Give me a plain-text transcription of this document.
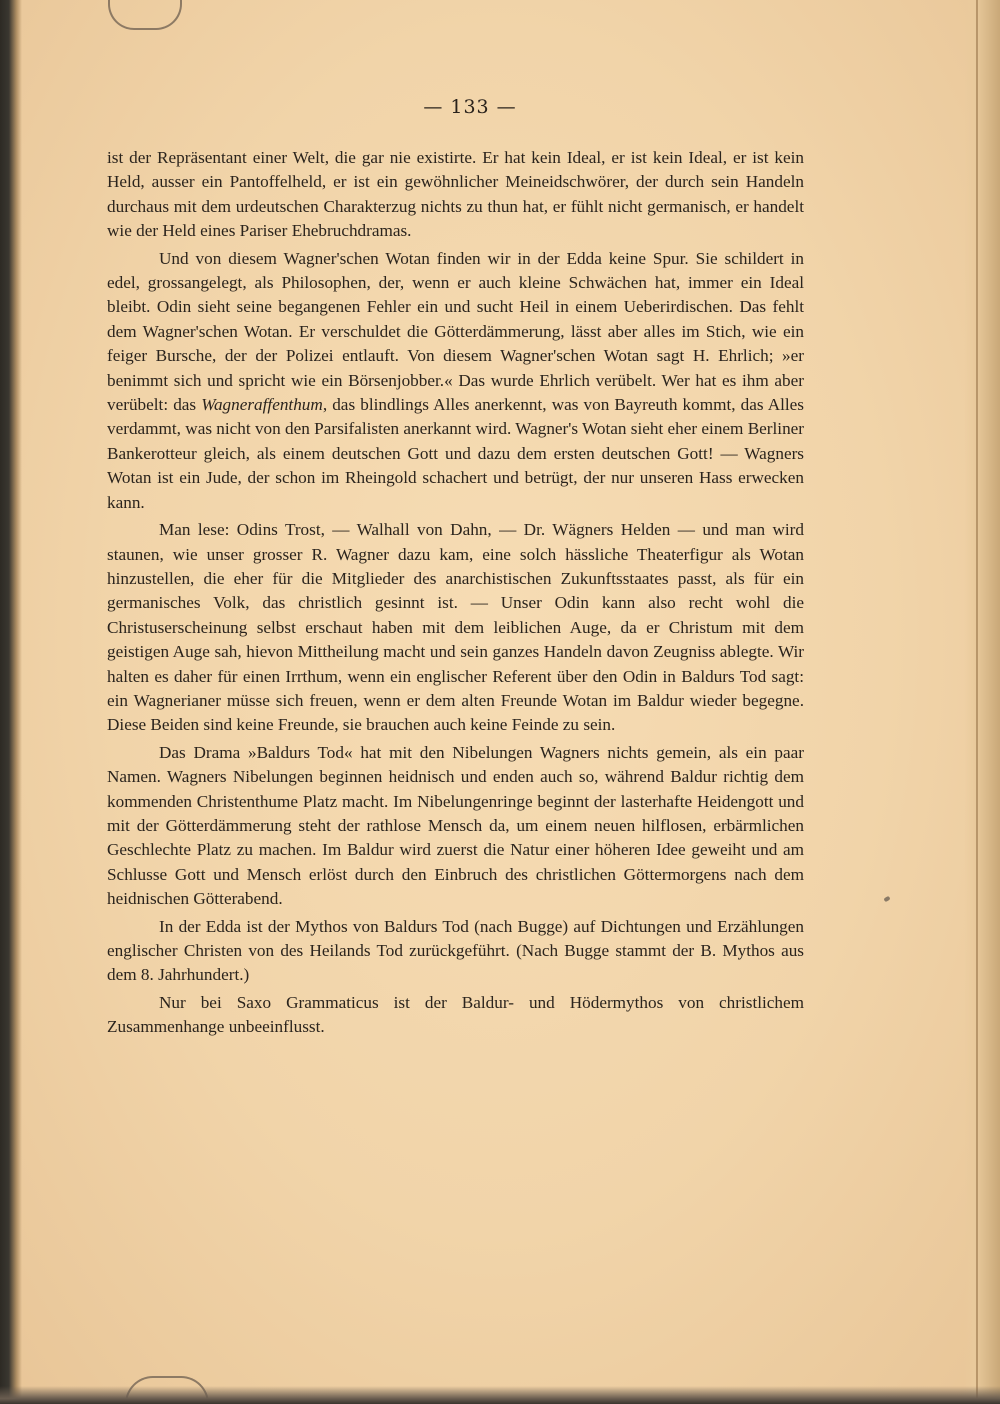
— 133 —

ist der Repräsentant einer Welt, die gar nie existirte. Er hat kein Ideal, er ist kein Ideal, er ist kein Held, ausser ein Pantoffelheld, er ist ein gewöhnlicher Meineidschwörer, der durch sein Handeln durchaus mit dem urdeutschen Charakterzug nichts zu thun hat, er fühlt nicht germanisch, er handelt wie der Held eines Pariser Ehebruchdramas.

Und von diesem Wagner'schen Wotan finden wir in der Edda keine Spur. Sie schildert in edel, grossangelegt, als Philosophen, der, wenn er auch kleine Schwächen hat, immer ein Ideal bleibt. Odin sieht seine begangenen Fehler ein und sucht Heil in einem Ueberirdischen. Das fehlt dem Wagner'schen Wotan. Er verschuldet die Götterdämmerung, lässt aber alles im Stich, wie ein feiger Bursche, der der Polizei entlauft. Von diesem Wagner'schen Wotan sagt H. Ehrlich; »er benimmt sich und spricht wie ein Börsenjobber.« Das wurde Ehrlich verübelt. Wer hat es ihm aber verübelt: das Wagneraffenthum, das blindlings Alles anerkennt, was von Bayreuth kommt, das Alles verdammt, was nicht von den Parsifalisten anerkannt wird. Wagner's Wotan sieht eher einem Berliner Bankerotteur gleich, als einem deutschen Gott und dazu dem ersten deutschen Gott! — Wagners Wotan ist ein Jude, der schon im Rheingold schachert und betrügt, der nur unseren Hass erwecken kann.

Man lese: Odins Trost, — Walhall von Dahn, — Dr. Wägners Helden — und man wird staunen, wie unser grosser R. Wagner dazu kam, eine solch hässliche Theaterfigur als Wotan hinzustellen, die eher für die Mitglieder des anarchistischen Zukunftsstaates passt, als für ein germanisches Volk, das christlich gesinnt ist. — Unser Odin kann also recht wohl die Christuserscheinung selbst erschaut haben mit dem leiblichen Auge, da er Christum mit dem geistigen Auge sah, hievon Mittheilung macht und sein ganzes Handeln davon Zeugniss ablegte. Wir halten es daher für einen Irrthum, wenn ein englischer Referent über den Odin in Baldurs Tod sagt: ein Wagnerianer müsse sich freuen, wenn er dem alten Freunde Wotan im Baldur wieder begegne. Diese Beiden sind keine Freunde, sie brauchen auch keine Feinde zu sein.

Das Drama »Baldurs Tod« hat mit den Nibelungen Wagners nichts gemein, als ein paar Namen. Wagners Nibelungen beginnen heidnisch und enden auch so, während Baldur richtig dem kommenden Christenthume Platz macht. Im Nibelungenringe beginnt der lasterhafte Heidengott und mit der Götterdämmerung steht der rathlose Mensch da, um einem neuen hilflosen, erbärmlichen Geschlechte Platz zu machen. Im Baldur wird zuerst die Natur einer höheren Idee geweiht und am Schlusse Gott und Mensch erlöst durch den Einbruch des christlichen Göttermorgens nach dem heidnischen Götterabend.

In der Edda ist der Mythos von Baldurs Tod (nach Bugge) auf Dichtungen und Erzählungen englischer Christen von des Heilands Tod zurückgeführt. (Nach Bugge stammt der B. Mythos aus dem 8. Jahrhundert.)

Nur bei Saxo Grammaticus ist der Baldur- und Hödermythos von christlichem Zusammenhange unbeeinflusst.
